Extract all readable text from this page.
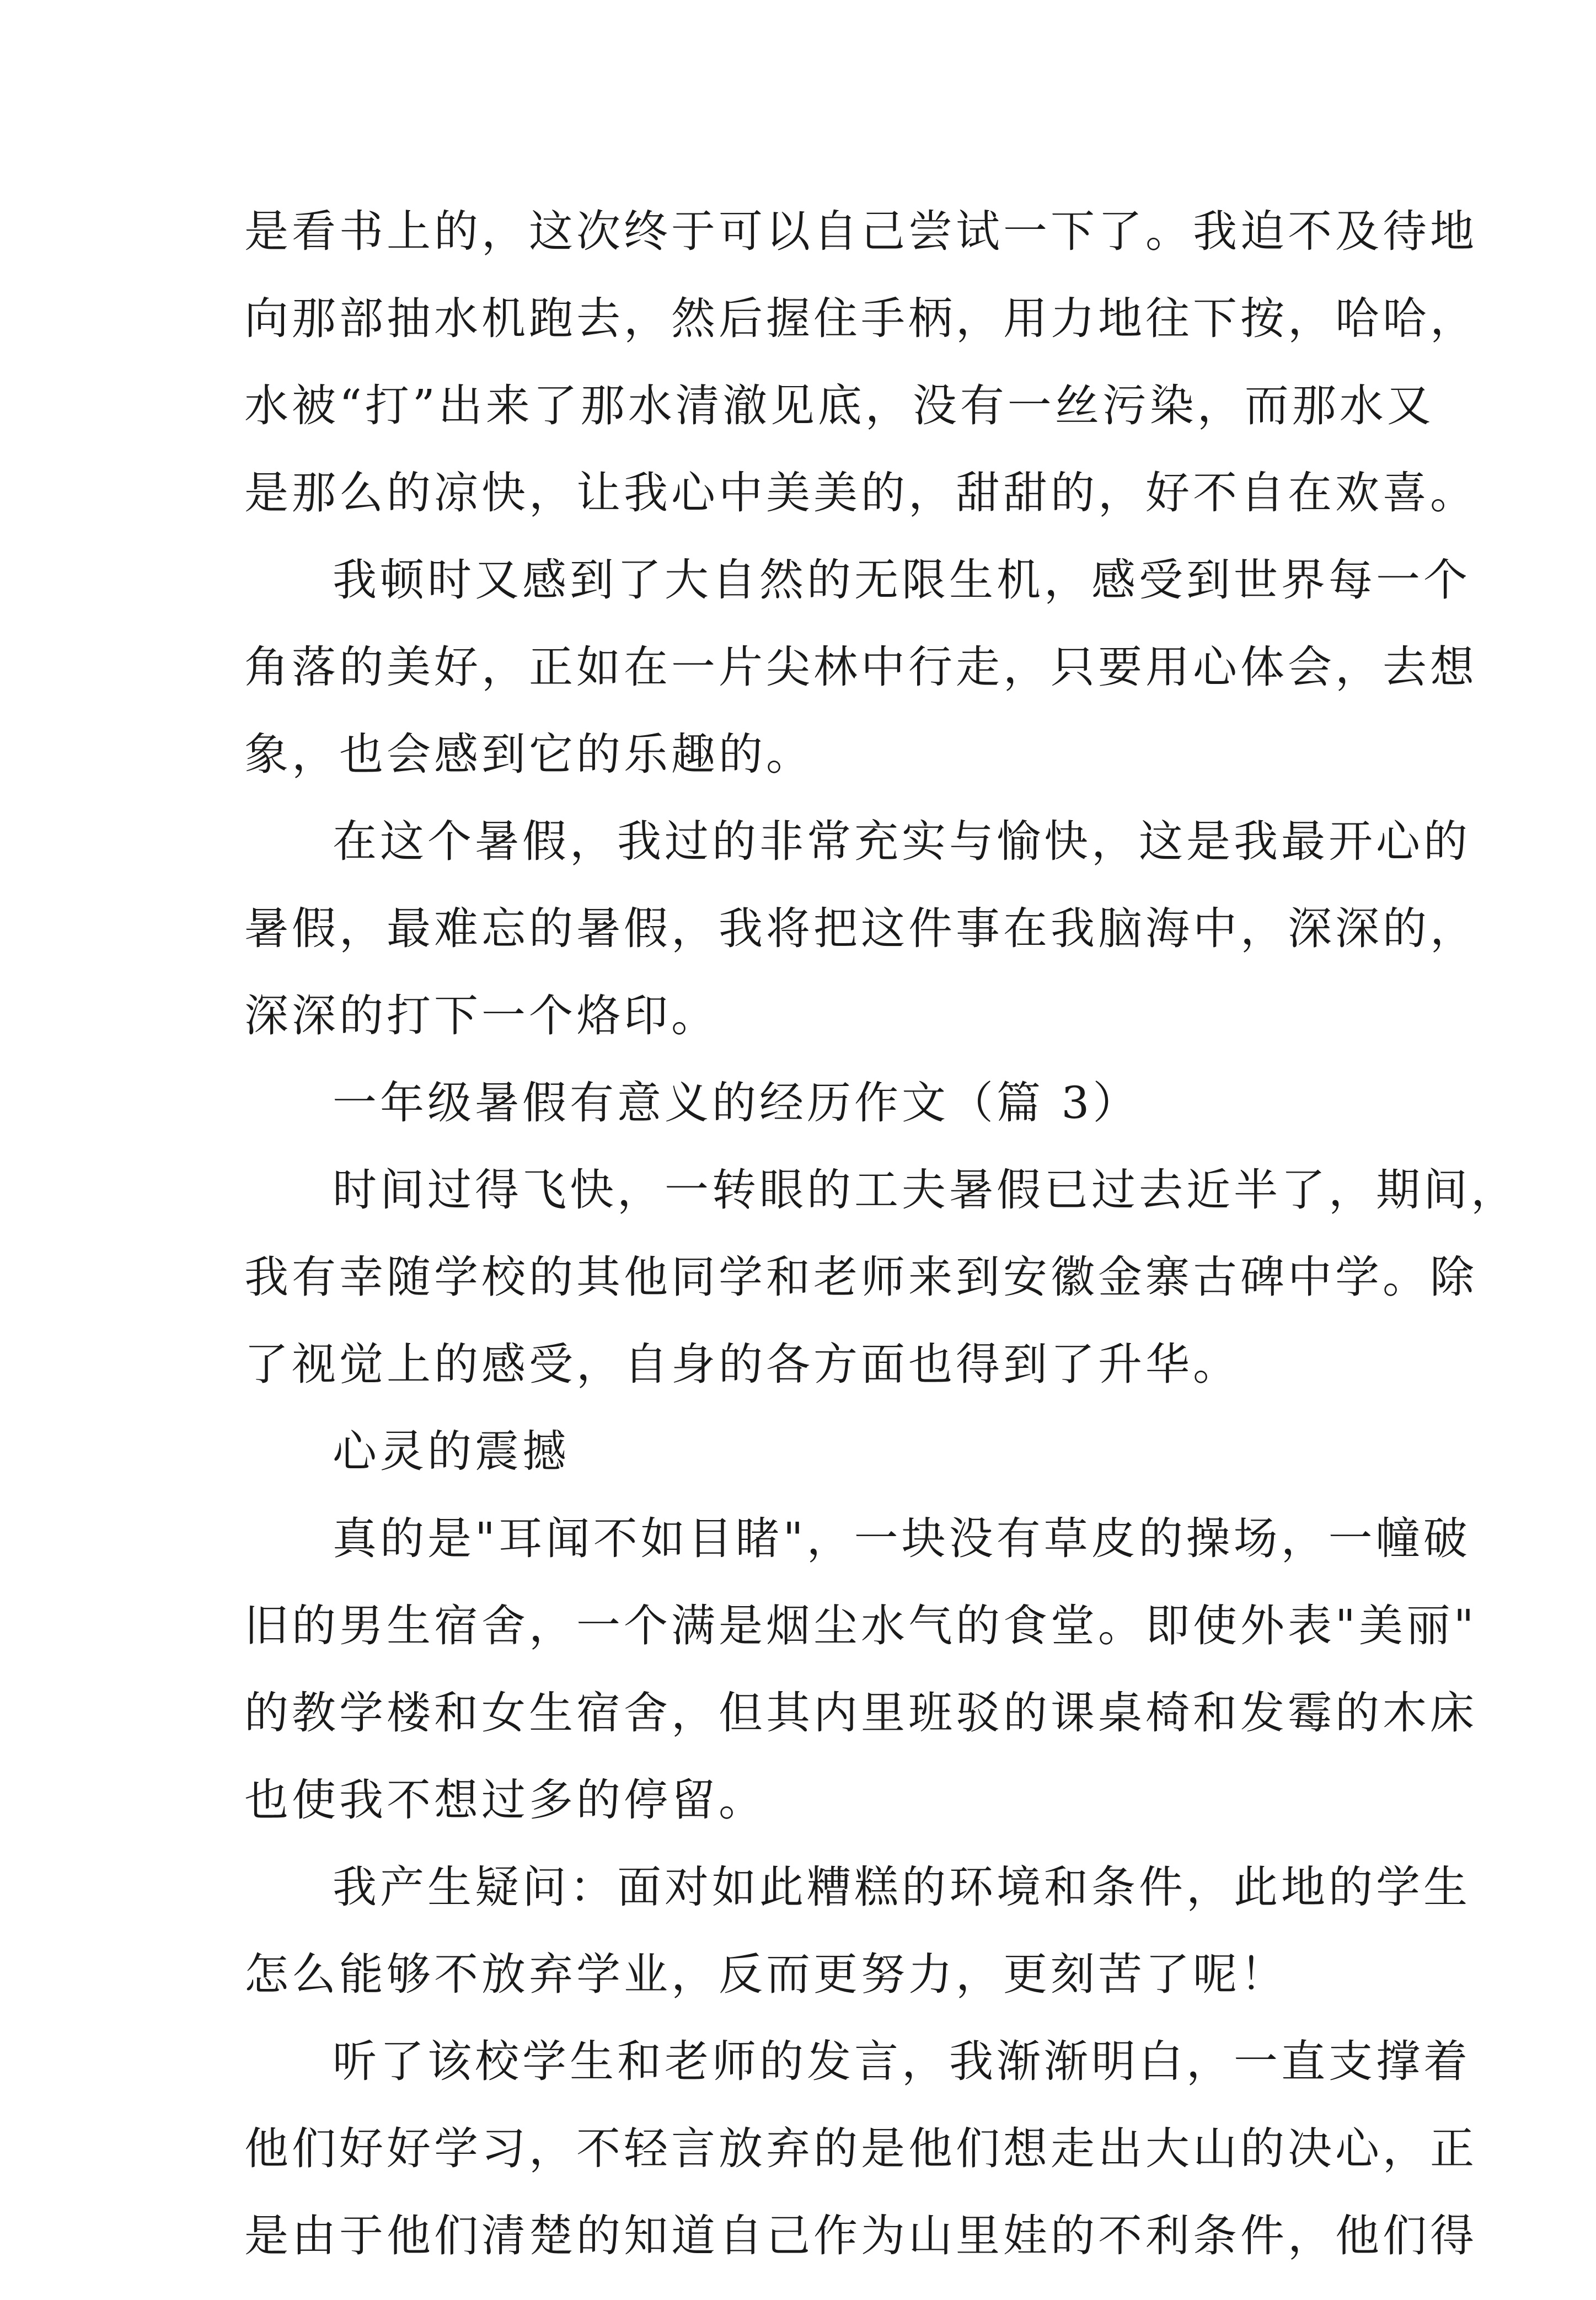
是看书上的，这次终于可以自己尝试一下了。我迫不及待地
向那部抽水机跑去，然后握住手柄，用力地往下按，哈哈，
水被“打”出来了那水清澈见底，没有一丝污染，而那水又
是那么的凉快，让我心中美美的，甜甜的，好不自在欢喜。
我顿时又感到了大自然的无限生机，感受到世界每一个
角落的美好，正如在一片尖林中行走，只要用心体会，去想
象，也会感到它的乐趣的。
在这个暑假，我过的非常充实与愉快，这是我最开心的
暑假，最难忘的暑假，我将把这件事在我脑海中，深深的，
深深的打下一个烙印。
一年级暑假有意义的经历作文（篇 3）
时间过得飞快，一转眼的工夫暑假已过去近半了，期间，
我有幸随学校的其他同学和老师来到安徽金寨古碑中学。除
了视觉上的感受，自身的各方面也得到了升华。
心灵的震撼
真的是"耳闻不如目睹"，一块没有草皮的操场，一幢破
旧的男生宿舍，一个满是烟尘水气的食堂。即使外表"美丽"
的教学楼和女生宿舍，但其内里班驳的课桌椅和发霉的木床
也使我不想过多的停留。
我产生疑问：面对如此糟糕的环境和条件，此地的学生
怎么能够不放弃学业，反而更努力，更刻苦了呢！
听了该校学生和老师的发言，我渐渐明白，一直支撑着
他们好好学习，不轻言放弃的是他们想走出大山的决心，正
是由于他们清楚的知道自己作为山里娃的不利条件，他们得
